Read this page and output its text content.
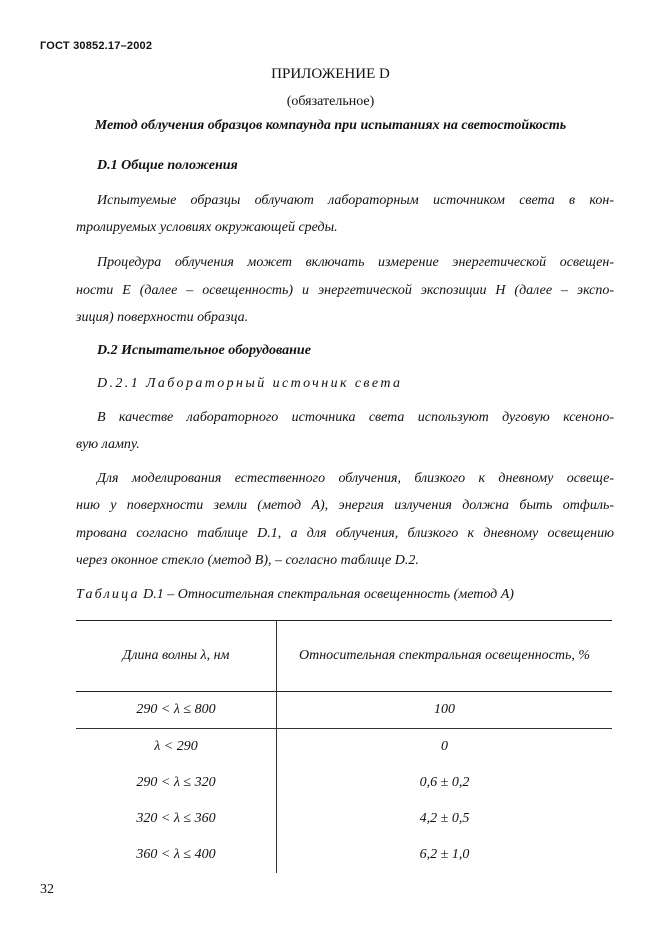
ГОСТ 30852.17–2002
ПРИЛОЖЕНИЕ D
(обязательное)
Метод облучения образцов компаунда при испытаниях на светостойкость
D.1 Общие положения
Испытуемые образцы облучают лабораторным источником света в кон-
тролируемых условиях окружающей среды.
Процедура облучения может включать измерение энергетической освещен-
ности E (далее – освещенность) и энергетической экспозиции H (далее – экспо-
зиция) поверхности образца.
D.2 Испытательное оборудование
D.2.1 Лабораторный источник света
В качестве лабораторного источника света используют дуговую ксеноно-
вую лампу.
Для моделирования естественного облучения, близкого к дневному освеще-
нию у поверхности земли (метод A), энергия излучения должна быть отфиль-
трована согласно таблице D.1, а для облучения, близкого к дневному освещению
через оконное стекло (метод B), – согласно таблице D.2.
Таблица D.1 – Относительная спектральная освещенность (метод A)
Длина волны λ, нм	Относительная спектральная освещенность, %
290 < λ ≤ 800	100
λ < 290	0
290 < λ ≤ 320	0,6 ± 0,2
320 < λ ≤ 360	4,2 ± 0,5
360 < λ ≤ 400	6,2 ± 1,0
32
